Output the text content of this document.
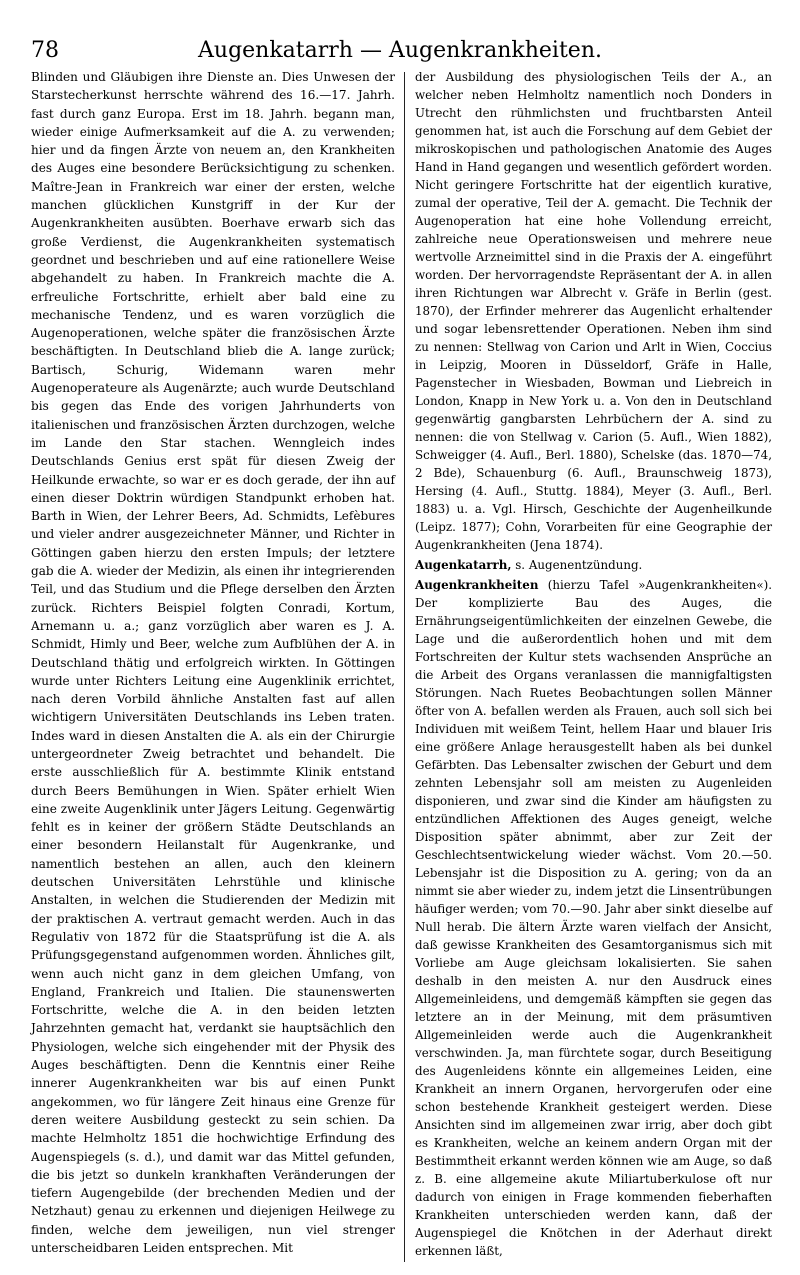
78	Augenkatarrh — Augenkrankheiten.

Blinden und Gläubigen ihre Dienste an. Dies Unwesen der Starstecherkunst herrschte während des 16.—17. Jahrh. fast durch ganz Europa. Erst im 18. Jahrh. begann man, wieder einige Aufmerksamkeit auf die A. zu verwenden; hier und da fingen Ärzte von neuem an, den Krankheiten des Auges eine besondere Berücksichtigung zu schenken. Maître-Jean in Frankreich war einer der ersten, welche manchen glücklichen Kunstgriff in der Kur der Augenkrankheiten ausübten. Boerhave erwarb sich das große Verdienst, die Augenkrankheiten systematisch geordnet und beschrieben und auf eine rationellere Weise abgehandelt zu haben. In Frankreich machte die A. erfreuliche Fortschritte, erhielt aber bald eine zu mechanische Tendenz, und es waren vorzüglich die Augenoperationen, welche später die französischen Ärzte beschäftigten. In Deutschland blieb die A. lange zurück; Bartisch, Schurig, Widemann waren mehr Augenoperateure als Augenärzte; auch wurde Deutschland bis gegen das Ende des vorigen Jahrhunderts von italienischen und französischen Ärzten durchzogen, welche im Lande den Star stachen. Wenngleich indes Deutschlands Genius erst spät für diesen Zweig der Heilkunde erwachte, so war er es doch gerade, der ihn auf einen dieser Doktrin würdigen Standpunkt erhoben hat. Barth in Wien, der Lehrer Beers, Ad. Schmidts, Lefèbures und vieler andrer ausgezeichneter Männer, und Richter in Göttingen gaben hierzu den ersten Impuls; der letztere gab die A. wieder der Medizin, als einen ihr integrierenden Teil, und das Studium und die Pflege derselben den Ärzten zurück. Richters Beispiel folgten Conradi, Kortum, Arnemann u. a.; ganz vorzüglich aber waren es J. A. Schmidt, Himly und Beer, welche zum Aufblühen der A. in Deutschland thätig und erfolgreich wirkten. In Göttingen wurde unter Richters Leitung eine Augenklinik errichtet, nach deren Vorbild ähnliche Anstalten fast auf allen wichtigern Universitäten Deutschlands ins Leben traten. Indes ward in diesen Anstalten die A. als ein der Chirurgie untergeordneter Zweig betrachtet und behandelt. Die erste ausschließlich für A. bestimmte Klinik entstand durch Beers Bemühungen in Wien. Später erhielt Wien eine zweite Augenklinik unter Jägers Leitung. Gegenwärtig fehlt es in keiner der größern Städte Deutschlands an einer besondern Heilanstalt für Augenkranke, und namentlich bestehen an allen, auch den kleinern deutschen Universitäten Lehrstühle und klinische Anstalten, in welchen die Studierenden der Medizin mit der praktischen A. vertraut gemacht werden. Auch in das Regulativ von 1872 für die Staatsprüfung ist die A. als Prüfungsgegenstand aufgenommen worden. Ähnliches gilt, wenn auch nicht ganz in dem gleichen Umfang, von England, Frankreich und Italien. Die staunenswerten Fortschritte, welche die A. in den beiden letzten Jahrzehnten gemacht hat, verdankt sie hauptsächlich den Physiologen, welche sich eingehender mit der Physik des Auges beschäftigten. Denn die Kenntnis einer Reihe innerer Augenkrankheiten war bis auf einen Punkt angekommen, wo für längere Zeit hinaus eine Grenze für deren weitere Ausbildung gesteckt zu sein schien. Da machte Helmholtz 1851 die hochwichtige Erfindung des Augenspiegels (s. d.), und damit war das Mittel gefunden, die bis jetzt so dunkeln krankhaften Veränderungen der tiefern Augengebilde (der brechenden Medien und der Netzhaut) genau zu erkennen und diejenigen Heilwege zu finden, welche dem jeweiligen, nun viel strenger unterscheidbaren Leiden entsprechen. Mit

der Ausbildung des physiologischen Teils der A., an welcher neben Helmholtz namentlich noch Donders in Utrecht den rühmlichsten und fruchtbarsten Anteil genommen hat, ist auch die Forschung auf dem Gebiet der mikroskopischen und pathologischen Anatomie des Auges Hand in Hand gegangen und wesentlich gefördert worden. Nicht geringere Fortschritte hat der eigentlich kurative, zumal der operative, Teil der A. gemacht. Die Technik der Augenoperation hat eine hohe Vollendung erreicht, zahlreiche neue Operationsweisen und mehrere neue wertvolle Arzneimittel sind in die Praxis der A. eingeführt worden. Der hervorragendste Repräsentant der A. in allen ihren Richtungen war Albrecht v. Gräfe in Berlin (gest. 1870), der Erfinder mehrerer das Augenlicht erhaltender und sogar lebensrettender Operationen. Neben ihm sind zu nennen: Stellwag von Carion und Arlt in Wien, Coccius in Leipzig, Mooren in Düsseldorf, Gräfe in Halle, Pagenstecher in Wiesbaden, Bowman und Liebreich in London, Knapp in New York u. a. Von den in Deutschland gegenwärtig gangbarsten Lehrbüchern der A. sind zu nennen: die von Stellwag v. Carion (5. Aufl., Wien 1882), Schweigger (4. Aufl., Berl. 1880), Schelske (das. 1870—74, 2 Bde), Schauenburg (6. Aufl., Braunschweig 1873), Hersing (4. Aufl., Stuttg. 1884), Meyer (3. Aufl., Berl. 1883) u. a. Vgl. Hirsch, Geschichte der Augenheilkunde (Leipz. 1877); Cohn, Vorarbeiten für eine Geographie der Augenkrankheiten (Jena 1874).

Augenkatarrh, s. Augenentzündung.

Augenkrankheiten (hierzu Tafel »Augenkrankheiten«). Der komplizierte Bau des Auges, die Ernährungseigentümlichkeiten der einzelnen Gewebe, die Lage und die außerordentlich hohen und mit dem Fortschreiten der Kultur stets wachsenden Ansprüche an die Arbeit des Organs veranlassen die mannigfaltigsten Störungen. Nach Ruetes Beobachtungen sollen Männer öfter von A. befallen werden als Frauen, auch soll sich bei Individuen mit weißem Teint, hellem Haar und blauer Iris eine größere Anlage herausgestellt haben als bei dunkel Gefärbten. Das Lebensalter zwischen der Geburt und dem zehnten Lebensjahr soll am meisten zu Augenleiden disponieren, und zwar sind die Kinder am häufigsten zu entzündlichen Affektionen des Auges geneigt, welche Disposition später abnimmt, aber zur Zeit der Geschlechtsentwickelung wieder wächst. Vom 20.—50. Lebensjahr ist die Disposition zu A. gering; von da an nimmt sie aber wieder zu, indem jetzt die Linsentrübungen häufiger werden; vom 70.—90. Jahr aber sinkt dieselbe auf Null herab. Die ältern Ärzte waren vielfach der Ansicht, daß gewisse Krankheiten des Gesamtorganismus sich mit Vorliebe am Auge gleichsam lokalisierten. Sie sahen deshalb in den meisten A. nur den Ausdruck eines Allgemeinleidens, und demgemäß kämpften sie gegen das letztere an in der Meinung, mit dem präsumtiven Allgemeinleiden werde auch die Augenkrankheit verschwinden. Ja, man fürchtete sogar, durch Beseitigung des Augenleidens könnte ein allgemeines Leiden, eine Krankheit an innern Organen, hervorgerufen oder eine schon bestehende Krankheit gesteigert werden. Diese Ansichten sind im allgemeinen zwar irrig, aber doch gibt es Krankheiten, welche an keinem andern Organ mit der Bestimmtheit erkannt werden können wie am Auge, so daß z. B. eine allgemeine akute Miliartuberkulose oft nur dadurch von einigen in Frage kommenden fieberhaften Krankheiten unterschieden werden kann, daß der Augenspiegel die Knötchen in der Aderhaut direkt erkennen läßt,
